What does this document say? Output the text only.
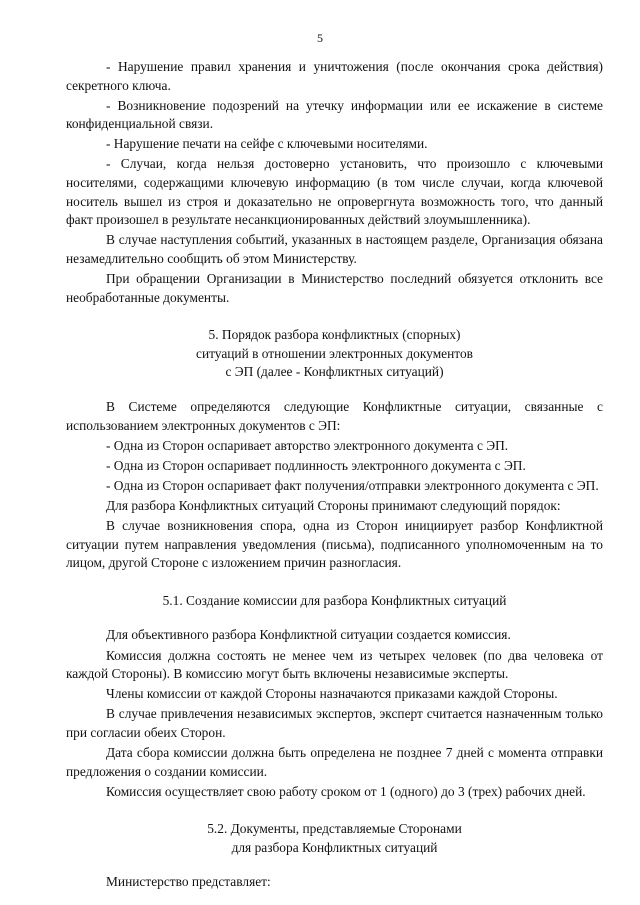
5

- Нарушение правил хранения и уничтожения (после окончания срока действия) секретного ключа.

- Возникновение подозрений на утечку информации или ее искажение в системе конфиденциальной связи.

- Нарушение печати на сейфе с ключевыми носителями.

- Случаи, когда нельзя достоверно установить, что произошло с ключевыми носителями, содержащими ключевую информацию (в том числе случаи, когда ключевой носитель вышел из строя и доказательно не опровергнута возможность того, что данный факт произошел в результате несанкционированных действий злоумышленника).

В случае наступления событий, указанных в настоящем разделе, Организация обязана незамедлительно сообщить об этом Министерству.

При обращении Организации в Министерство последний обязуется отклонить все необработанные документы.

5. Порядок разбора конфликтных (спорных)
ситуаций в отношении электронных документов
с ЭП (далее - Конфликтных ситуаций)

В Системе определяются следующие Конфликтные ситуации, связанные с использованием электронных документов с ЭП:

- Одна из Сторон оспаривает авторство электронного документа с ЭП.

- Одна из Сторон оспаривает подлинность электронного документа с ЭП.

- Одна из Сторон оспаривает факт получения/отправки электронного документа с ЭП.

Для разбора Конфликтных ситуаций Стороны принимают следующий порядок:

В случае возникновения спора, одна из Сторон инициирует разбор Конфликтной ситуации путем направления уведомления (письма), подписанного уполномоченным на то лицом, другой Стороне с изложением причин разногласия.

5.1. Создание комиссии для разбора Конфликтных ситуаций

Для объективного разбора Конфликтной ситуации создается комиссия.

Комиссия должна состоять не менее чем из четырех человек (по два человека от каждой Стороны). В комиссию могут быть включены независимые эксперты.

Члены комиссии от каждой Стороны назначаются приказами каждой Стороны.

В случае привлечения независимых экспертов, эксперт считается назначенным только при согласии обеих Сторон.

Дата сбора комиссии должна быть определена не позднее 7 дней с момента отправки предложения о создании комиссии.

Комиссия осуществляет свою работу сроком от 1 (одного) до 3 (трех) рабочих дней.

5.2. Документы, представляемые Сторонами
для разбора Конфликтных ситуаций

Министерство представляет:
